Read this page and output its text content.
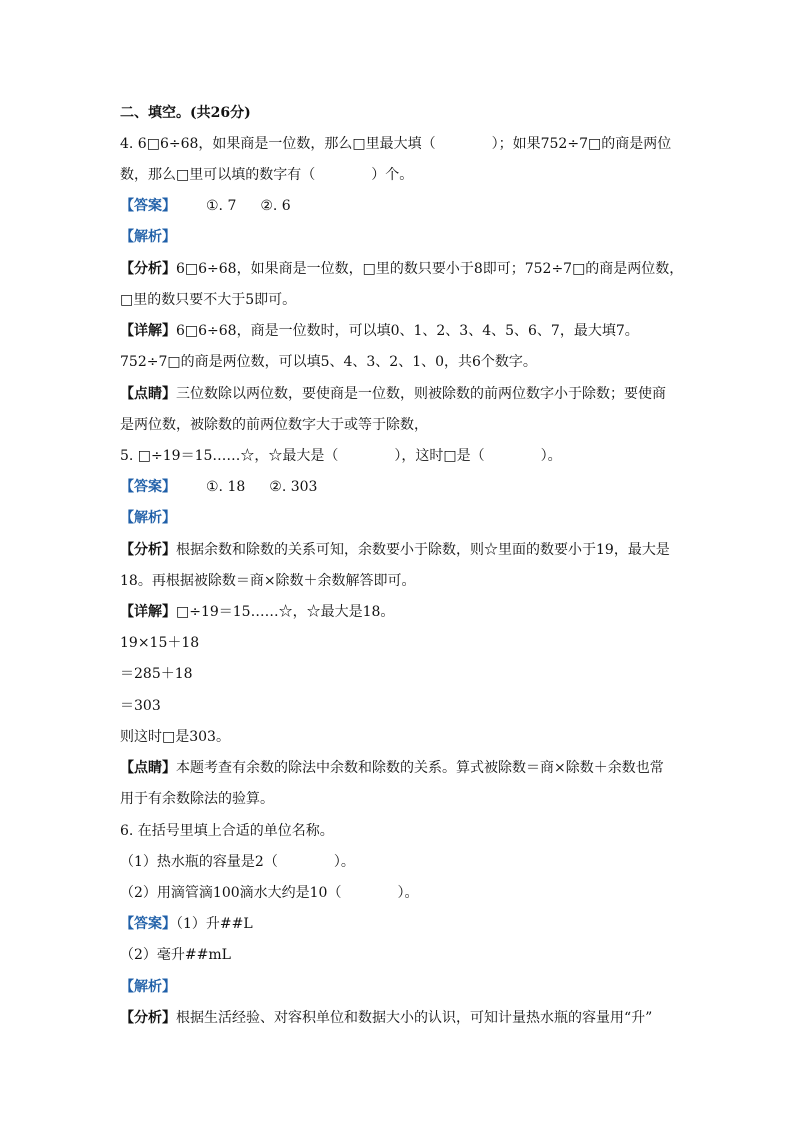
二、填空。(共26分)
4. 6□6÷68，如果商是一位数，那么□里最大填（　　　　）；如果752÷7□的商是两位
数，那么□里可以填的数字有（　　　　）个。
【答案】 ①. 7 ②. 6
【解析】
【分析】6□6÷68，如果商是一位数，□里的数只要小于8即可；752÷7□的商是两位数，
□里的数只要不大于5即可。
【详解】6□6÷68，商是一位数时，可以填0、1、2、3、4、5、6、7，最大填7。
752÷7□的商是两位数，可以填5、4、3、2、1、0，共6个数字。
【点睛】三位数除以两位数，要使商是一位数，则被除数的前两位数字小于除数；要使商
是两位数，被除数的前两位数字大于或等于除数，
5. □÷19＝15……☆，☆最大是（　　　　），这时□是（　　　　）。
【答案】 ①. 18 ②. 303
【解析】
【分析】根据余数和除数的关系可知，余数要小于除数，则☆里面的数要小于19，最大是
18。再根据被除数＝商×除数＋余数解答即可。
【详解】□÷19＝15……☆，☆最大是18。
19×15＋18
＝285＋18
＝303
则这时□是303。
【点睛】本题考查有余数的除法中余数和除数的关系。算式被除数＝商×除数＋余数也常
用于有余数除法的验算。
6. 在括号里填上合适的单位名称。
（1）热水瓶的容量是2（　　　　）。
（2）用滴管滴100滴水大约是10（　　　　）。
【答案】（1）升##L
（2）毫升##mL
【解析】
【分析】根据生活经验、对容积单位和数据大小的认识，可知计量热水瓶的容量用“升”
